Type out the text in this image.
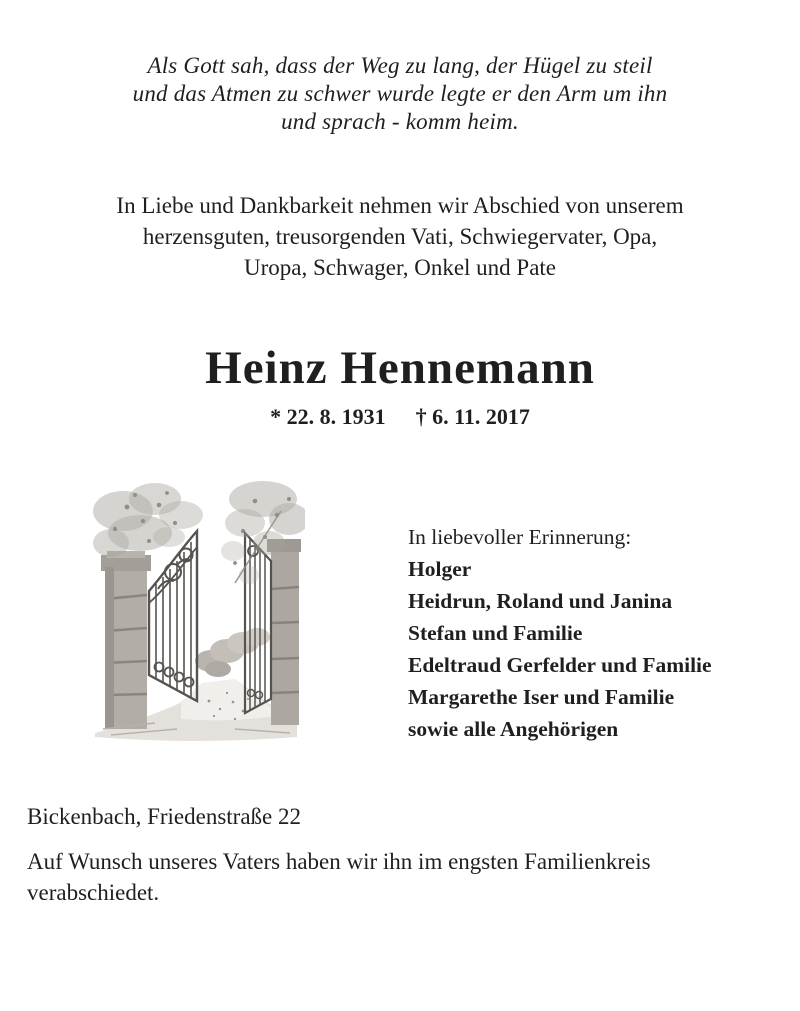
Als Gott sah, dass der Weg zu lang, der Hügel zu steil
und das Atmen zu schwer wurde legte er den Arm um ihn
und sprach - komm heim.
In Liebe und Dankbarkeit nehmen wir Abschied von unserem
herzensguten, treusorgenden Vati, Schwiegervater, Opa,
Uropa, Schwager, Onkel und Pate
Heinz Hennemann
* 22. 8. 1931 † 6. 11. 2017
In liebevoller Erinnerung:
Holger
Heidrun, Roland und Janina
Stefan und Familie
Edeltraud Gerfelder und Familie
Margarethe Iser und Familie
sowie alle Angehörigen
Bickenbach, Friedenstraße 22
Auf Wunsch unseres Vaters haben wir ihn im engsten Familienkreis verabschiedet.
